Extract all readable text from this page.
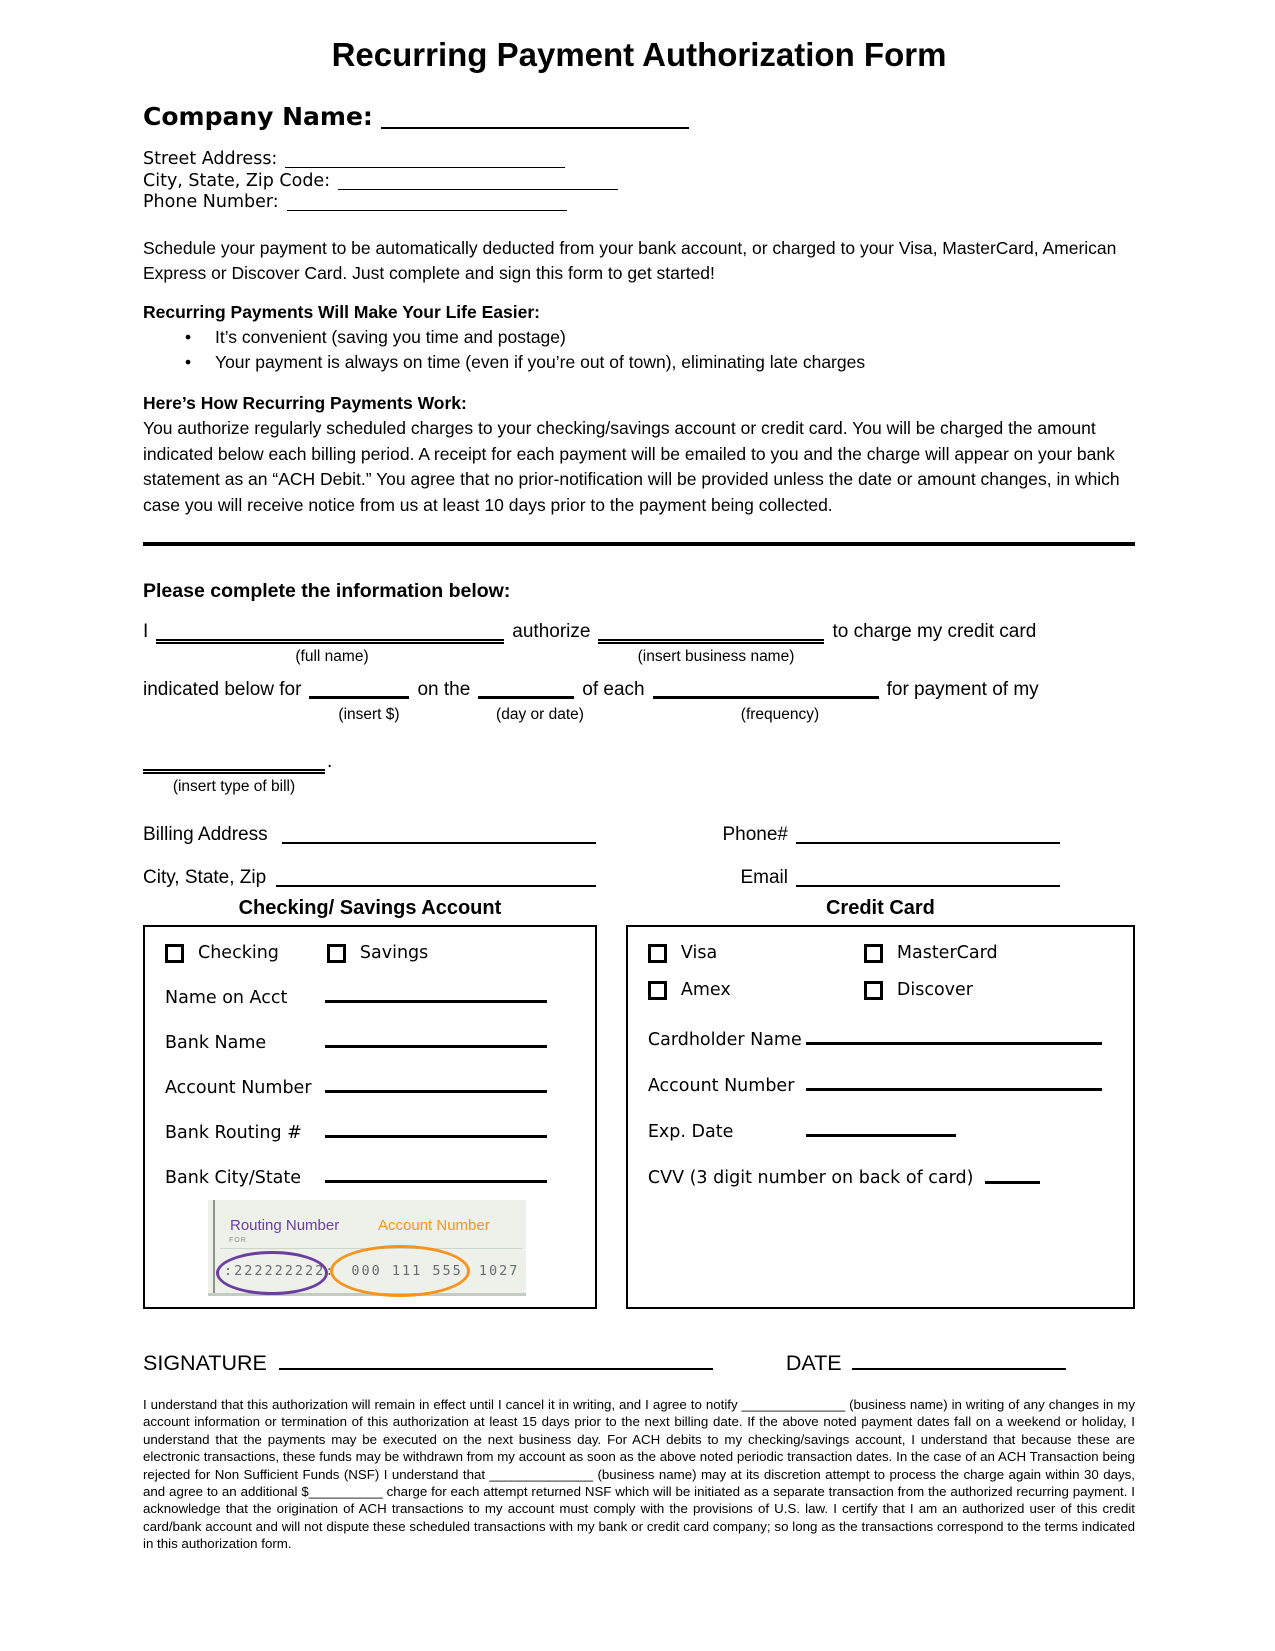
Recurring Payment Authorization Form
Company Name:
Street Address:
City, State, Zip Code:
Phone Number:

Schedule your payment to be automatically deducted from your bank account, or charged to your Visa, MasterCard, American Express or Discover Card. Just complete and sign this form to get started!

Recurring Payments Will Make Your Life Easier:
• It’s convenient (saving you time and postage)
• Your payment is always on time (even if you’re out of town), eliminating late charges
Here’s How Recurring Payments Work:

You authorize regularly scheduled charges to your checking/savings account or credit card. You will be charged the amount indicated below each billing period. A receipt for each payment will be emailed to you and the charge will appear on your bank statement as an “ACH Debit.” You agree that no prior-notification will be provided unless the date or amount changes, in which case you will receive notice from us at least 10 days prior to the payment being collected.

Please complete the information below:
I	authorize	to charge my credit card
(full name)	(insert business name)
indicated below for	on the	of each	for payment of my
(insert $)	(day or date)	(frequency)
.
(insert type of bill)
Billing Address	Phone#
City, State, Zip	Email
Checking/ Savings Account
Checking	Savings
Name on Acct
Bank Name
Account Number
Bank Routing #
Bank City/State
Routing Number	Account Number
FOR
:222222222: 000 111 555 1027
Credit Card
Visa	MasterCard
Amex	Discover
Cardholder Name
Account Number
Exp. Date
CVV (3 digit number on back of card)
SIGNATURE	DATE

I understand that this authorization will remain in effect until I cancel it in writing, and I agree to notify ______________ (business name) in writing of any changes in my account information or termination of this authorization at least 15 days prior to the next billing date. If the above noted payment dates fall on a weekend or holiday, I understand that the payments may be executed on the next business day. For ACH debits to my checking/savings account, I understand that because these are electronic transactions, these funds may be withdrawn from my account as soon as the above noted periodic transaction dates. In the case of an ACH Transaction being rejected for Non Sufficient Funds (NSF) I understand that ______________ (business name) may at its discretion attempt to process the charge again within 30 days, and agree to an additional $__________ charge for each attempt returned NSF which will be initiated as a separate transaction from the authorized recurring payment. I acknowledge that the origination of ACH transactions to my account must comply with the provisions of U.S. law. I certify that I am an authorized user of this credit card/bank account and will not dispute these scheduled transactions with my bank or credit card company; so long as the transactions correspond to the terms indicated in this authorization form.
